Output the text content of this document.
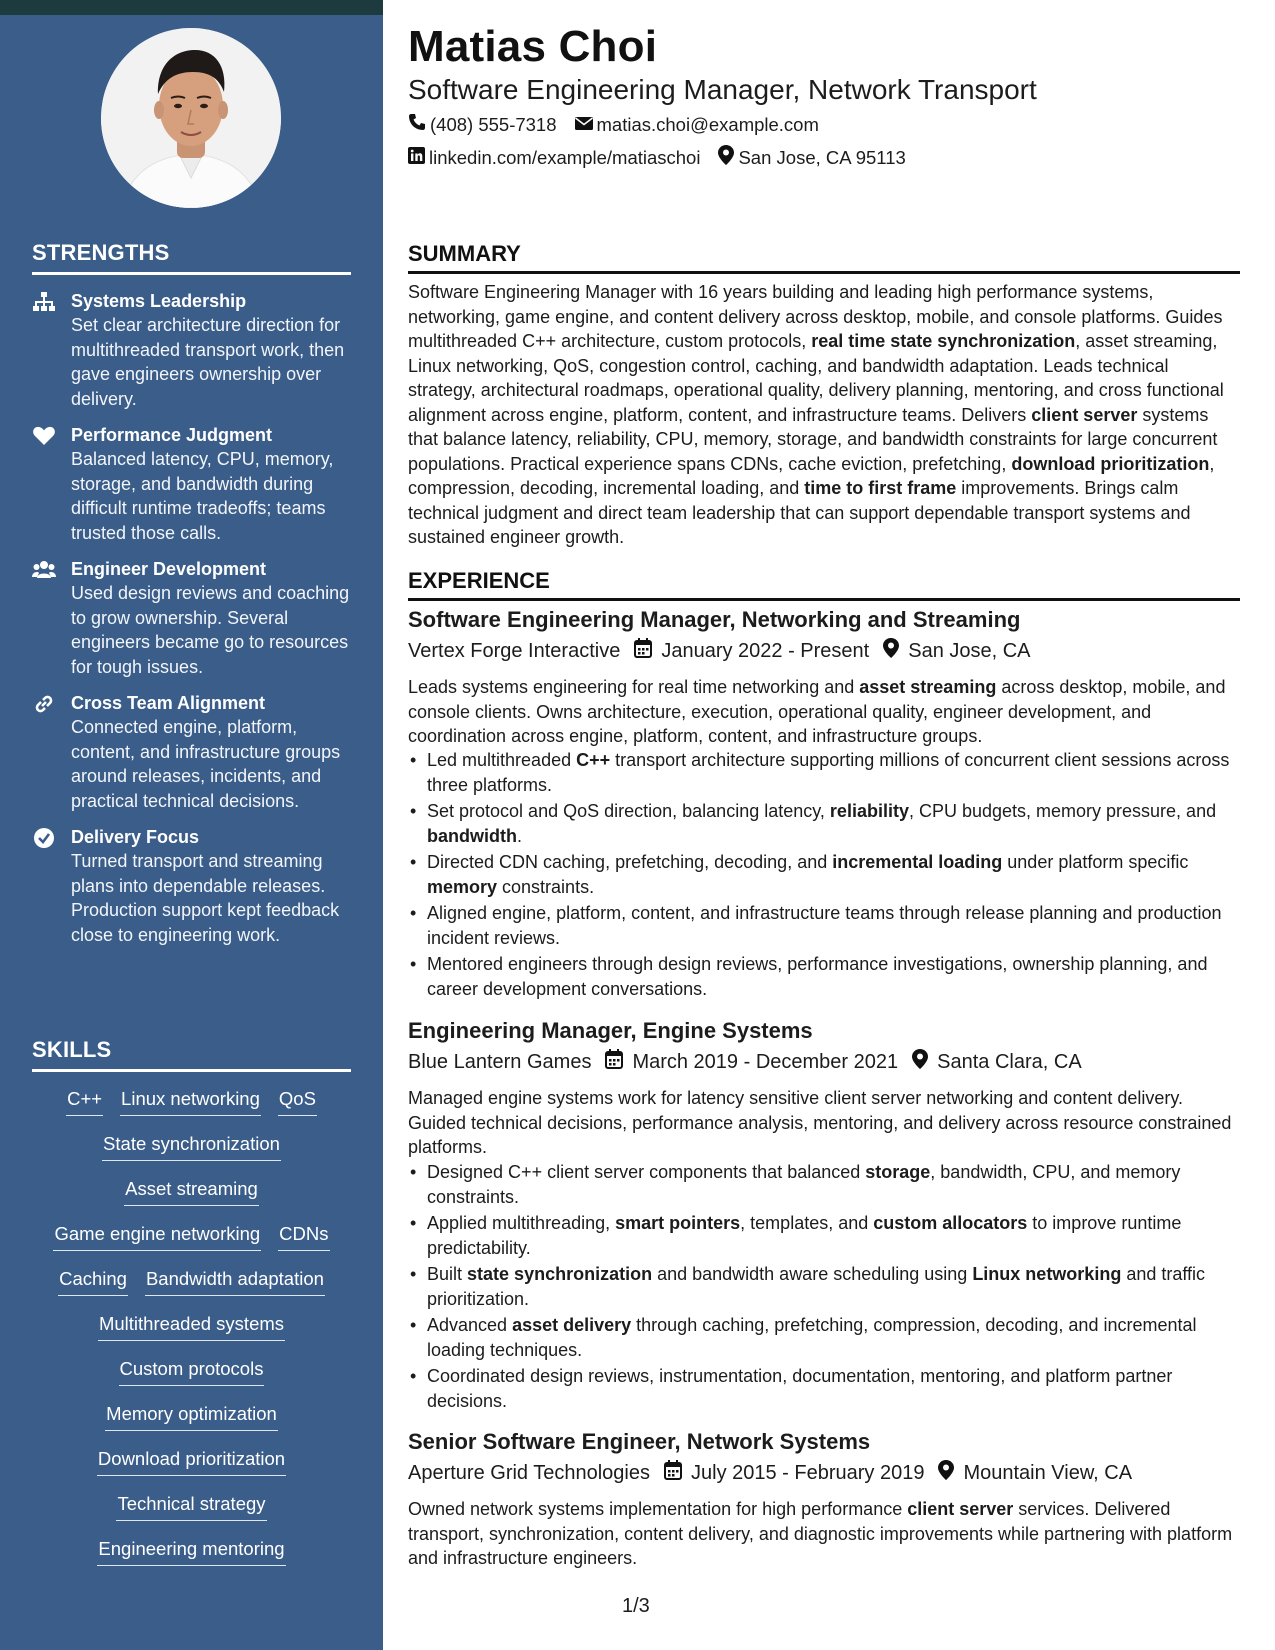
STRENGTHS
Systems Leadership
Set clear architecture direction for multithreaded transport work, then gave engineers ownership over delivery.
Performance Judgment
Balanced latency, CPU, memory, storage, and bandwidth during difficult runtime tradeoffs; teams trusted those calls.
Engineer Development
Used design reviews and coaching to grow ownership. Several engineers became go to resources for tough issues.
Cross Team Alignment
Connected engine, platform, content, and infrastructure groups around releases, incidents, and practical technical decisions.
Delivery Focus
Turned transport and streaming plans into dependable releases. Production support kept feedback close to engineering work.
SKILLS
C++ Linux networking QoS
State synchronization
Asset streaming
Game engine networking CDNs
Caching Bandwidth adaptation
Multithreaded systems
Custom protocols
Memory optimization
Download prioritization
Technical strategy
Engineering mentoring
Matias Choi
Software Engineering Manager, Network Transport
(408) 555-7318 matias.choi@example.com
linkedin.com/example/matiaschoi San Jose, CA 95113
SUMMARY

Software Engineering Manager with 16 years building and leading high performance systems, networking, game engine, and content delivery across desktop, mobile, and console platforms. Guides multithreaded C++ architecture, custom protocols, real time state synchronization, asset streaming, Linux networking, QoS, congestion control, caching, and bandwidth adaptation. Leads technical strategy, architectural roadmaps, operational quality, delivery planning, mentoring, and cross functional alignment across engine, platform, content, and infrastructure teams. Delivers client server systems that balance latency, reliability, CPU, memory, storage, and bandwidth constraints for large concurrent populations. Practical experience spans CDNs, cache eviction, prefetching, download prioritization, compression, decoding, incremental loading, and time to first frame improvements. Brings calm technical judgment and direct team leadership that can support dependable transport systems and sustained engineer growth.

EXPERIENCE
Software Engineering Manager, Networking and Streaming
Vertex Forge Interactive January 2022 - Present San Jose, CA

Leads systems engineering for real time networking and asset streaming across desktop, mobile, and console clients. Owns architecture, execution, operational quality, engineer development, and coordination across engine, platform, content, and infrastructure groups.

• Led multithreaded C++ transport architecture supporting millions of concurrent client sessions across three platforms.
• Set protocol and QoS direction, balancing latency, reliability, CPU budgets, memory pressure, and bandwidth.
• Directed CDN caching, prefetching, decoding, and incremental loading under platform specific memory constraints.
• Aligned engine, platform, content, and infrastructure teams through release planning and production incident reviews.
• Mentored engineers through design reviews, performance investigations, ownership planning, and career development conversations.
Engineering Manager, Engine Systems
Blue Lantern Games March 2019 - December 2021 Santa Clara, CA

Managed engine systems work for latency sensitive client server networking and content delivery. Guided technical decisions, performance analysis, mentoring, and delivery across resource constrained platforms.

• Designed C++ client server components that balanced storage, bandwidth, CPU, and memory constraints.
• Applied multithreading, smart pointers, templates, and custom allocators to improve runtime predictability.
• Built state synchronization and bandwidth aware scheduling using Linux networking and traffic prioritization.
• Advanced asset delivery through caching, prefetching, compression, decoding, and incremental loading techniques.
• Coordinated design reviews, instrumentation, documentation, mentoring, and platform partner decisions.
Senior Software Engineer, Network Systems
Aperture Grid Technologies July 2015 - February 2019 Mountain View, CA

Owned network systems implementation for high performance client server services. Delivered transport, synchronization, content delivery, and diagnostic improvements while partnering with platform and infrastructure engineers.

1/3
